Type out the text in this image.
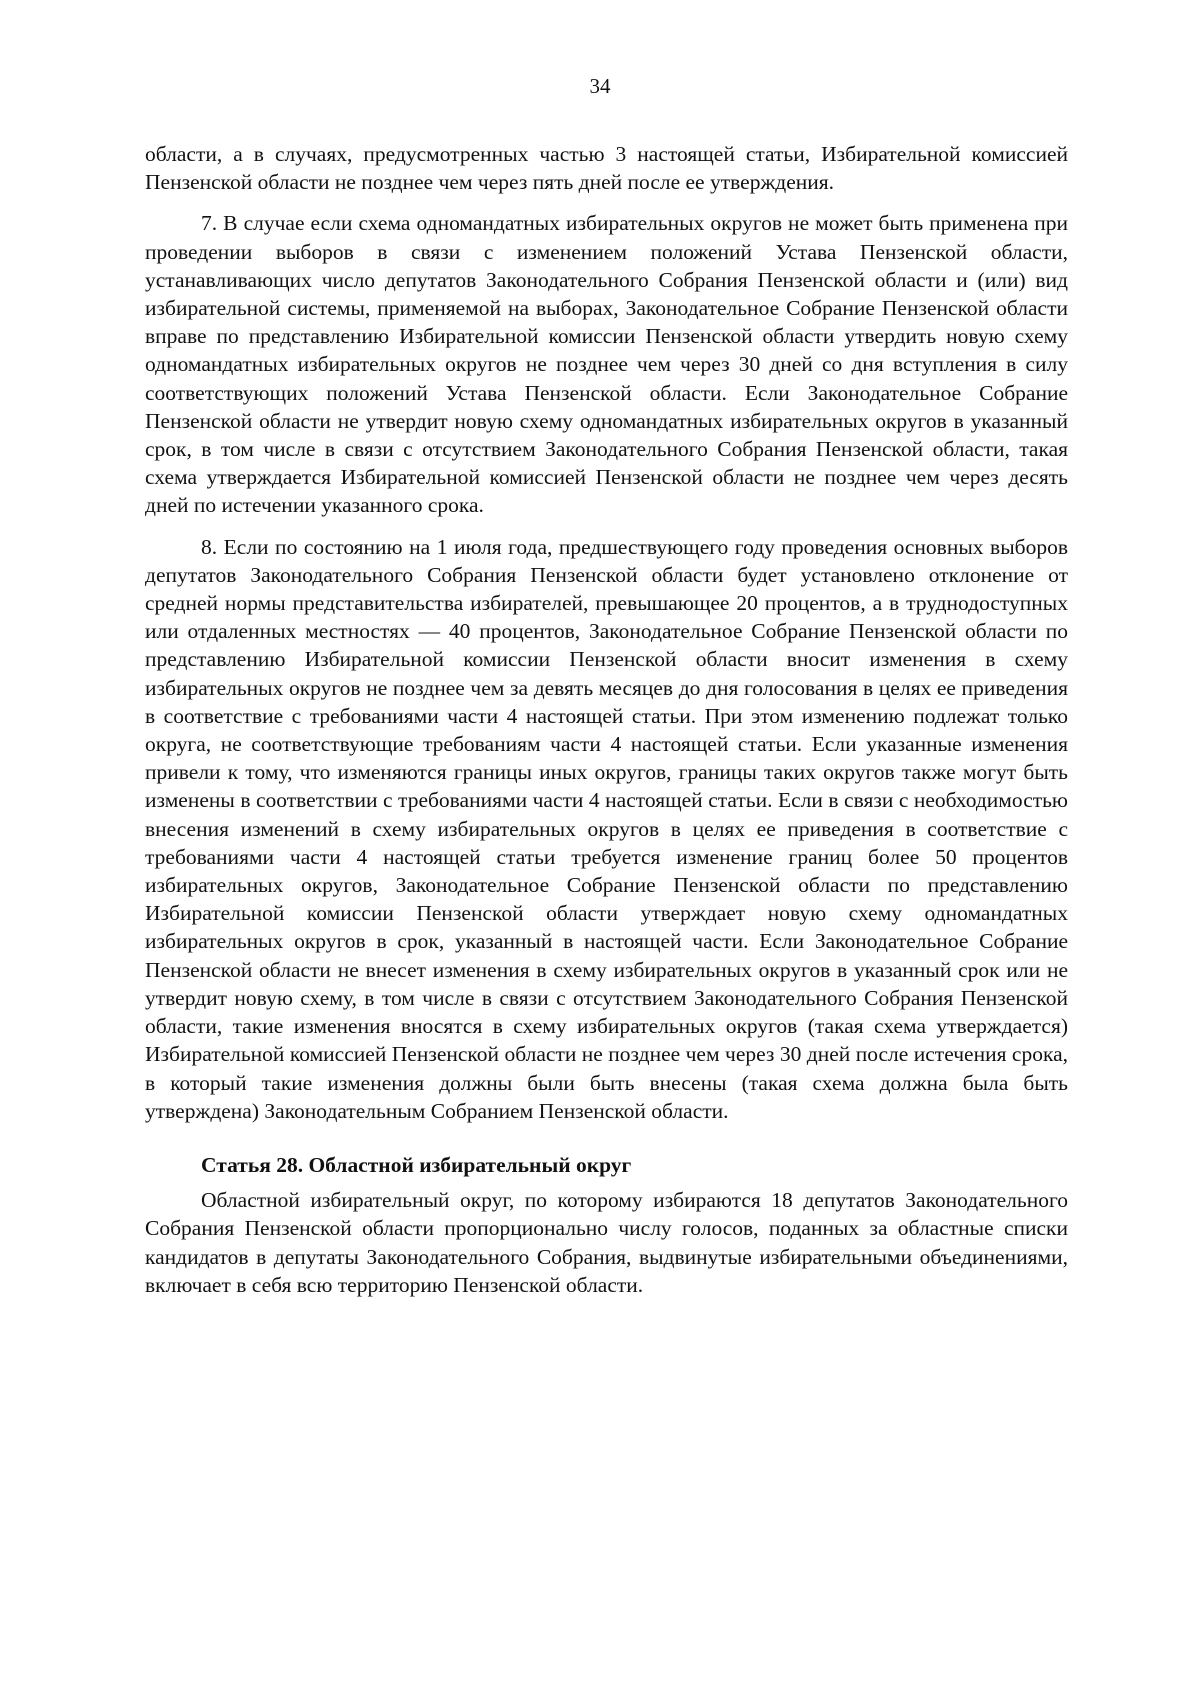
34

области, а в случаях, предусмотренных частью 3 настоящей статьи, Избирательной комиссией Пензенской области не позднее чем через пять дней после ее утверждения.

7. В случае если схема одномандатных избирательных округов не может быть применена при проведении выборов в связи с изменением положений Устава Пензенской области, устанавливающих число депутатов Законодательного Собрания Пензенской области и (или) вид избирательной системы, применяемой на выборах, Законодательное Собрание Пензенской области вправе по представлению Избирательной комиссии Пензенской области утвердить новую схему одномандатных избирательных округов не позднее чем через 30 дней со дня вступления в силу соответствующих положений Устава Пензенской области. Если Законодательное Собрание Пензенской области не утвердит новую схему одномандатных избирательных округов в указанный срок, в том числе в связи с отсутствием Законодательного Собрания Пензенской области, такая схема утверждается Избирательной комиссией Пензенской области не позднее чем через десять дней по истечении указанного срока.

8. Если по состоянию на 1 июля года, предшествующего году проведения основных выборов депутатов Законодательного Собрания Пензенской области будет установлено отклонение от средней нормы представительства избирателей, превышающее 20 процентов, а в труднодоступных или отдаленных местностях — 40 процентов, Законодательное Собрание Пензенской области по представлению Избирательной комиссии Пензенской области вносит изменения в схему избирательных округов не позднее чем за девять месяцев до дня голосования в целях ее приведения в соответствие с требованиями части 4 настоящей статьи. При этом изменению подлежат только округа, не соответствующие требованиям части 4 настоящей статьи. Если указанные изменения привели к тому, что изменяются границы иных округов, границы таких округов также могут быть изменены в соответствии с требованиями части 4 настоящей статьи. Если в связи с необходимостью внесения изменений в схему избирательных округов в целях ее приведения в соответствие с требованиями части 4 настоящей статьи требуется изменение границ более 50 процентов избирательных округов, Законодательное Собрание Пензенской области по представлению Избирательной комиссии Пензенской области утверждает новую схему одномандатных избирательных округов в срок, указанный в настоящей части. Если Законодательное Собрание Пензенской области не внесет изменения в схему избирательных округов в указанный срок или не утвердит новую схему, в том числе в связи с отсутствием Законодательного Собрания Пензенской области, такие изменения вносятся в схему избирательных округов (такая схема утверждается) Избирательной комиссией Пензенской области не позднее чем через 30 дней после истечения срока, в который такие изменения должны были быть внесены (такая схема должна была быть утверждена) Законодательным Собранием Пензенской области.

Статья 28. Областной избирательный округ

Областной избирательный округ, по которому избираются 18 депутатов Законодательного Собрания Пензенской области пропорционально числу голосов, поданных за областные списки кандидатов в депутаты Законодательного Собрания, выдвинутые избирательными объединениями, включает в себя всю территорию Пензенской области.
